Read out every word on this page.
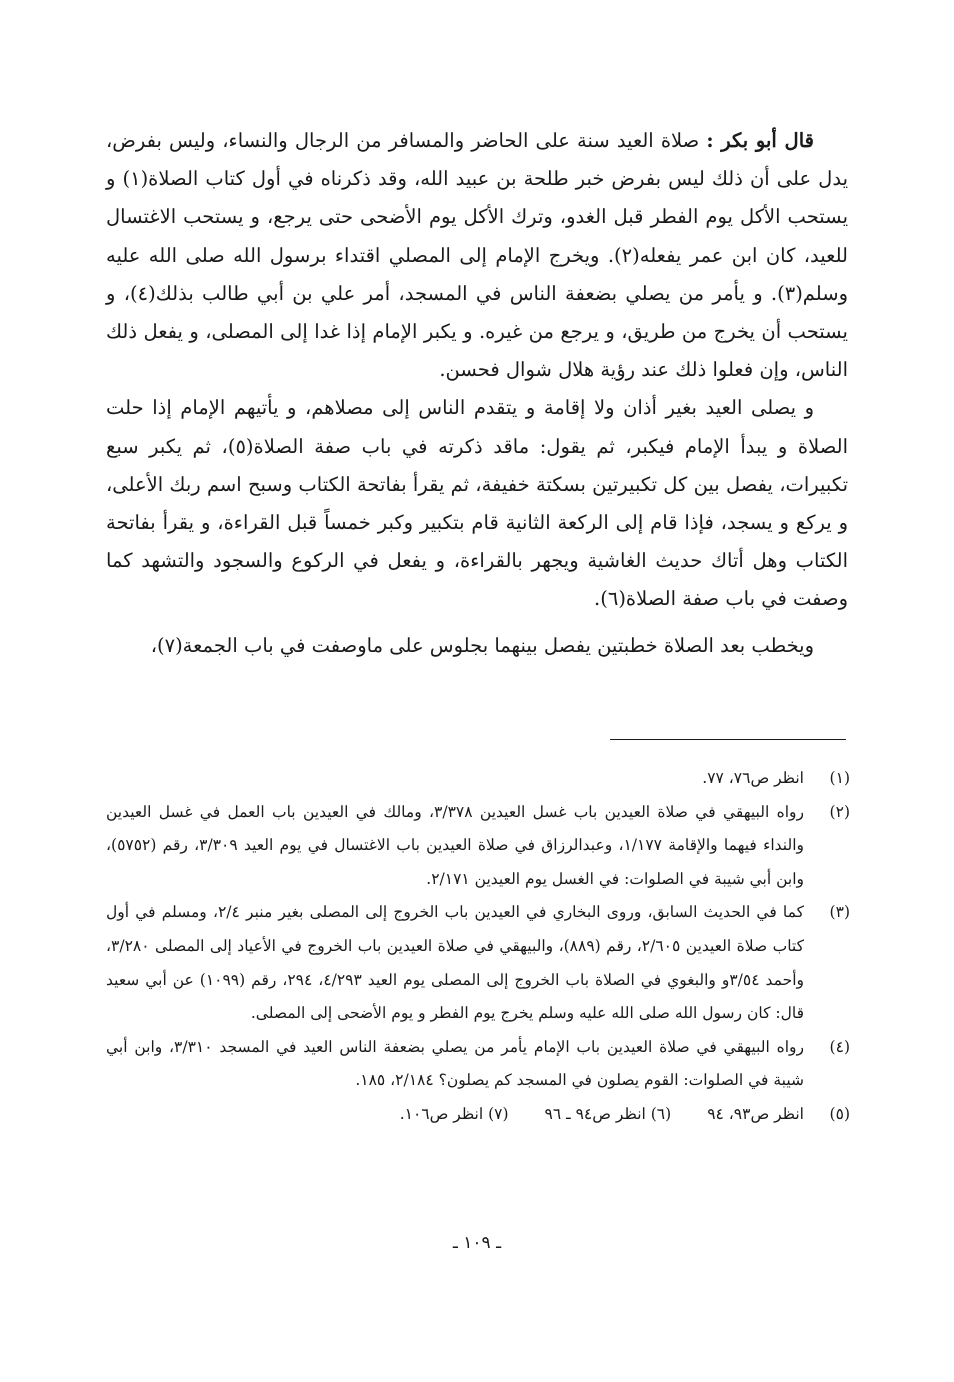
قال أبو بكر : صلاة العيد سنة على الحاضر والمسافر من الرجال والنساء، وليس بفرض، يدل على أن ذلك ليس بفرض خبر طلحة بن عبيد الله، وقد ذكرناه في أول كتاب الصلاة(١) و يستحب الأكل يوم الفطر قبل الغدو، وترك الأكل يوم الأضحى حتى يرجع، و يستحب الاغتسال للعيد، كان ابن عمر يفعله(٢). ويخرج الإمام إلى المصلي اقتداء برسول الله صلى الله عليه وسلم(٣). و يأمر من يصلي بضعفة الناس في المسجد، أمر علي بن أبي طالب بذلك(٤)، و يستحب أن يخرج من طريق، و يرجع من غيره. و يكبر الإمام إذا غدا إلى المصلى، و يفعل ذلك الناس، وإن فعلوا ذلك عند رؤية هلال شوال فحسن.

و يصلى العيد بغير أذان ولا إقامة و يتقدم الناس إلى مصلاهم، و يأتيهم الإمام إذا حلت الصلاة و يبدأ الإمام فيكبر، ثم يقول: ماقد ذكرته في باب صفة الصلاة(٥)، ثم يكبر سبع تكبيرات، يفصل بين كل تكبيرتين بسكتة خفيفة، ثم يقرأ بفاتحة الكتاب وسبح اسم ربك الأعلى، و يركع و يسجد، فإذا قام إلى الركعة الثانية قام بتكبير وكبر خمساً قبل القراءة، و يقرأ بفاتحة الكتاب وهل أتاك حديث الغاشية ويجهر بالقراءة، و يفعل في الركوع والسجود والتشهد كما وصفت في باب صفة الصلاة(٦).

ويخطب بعد الصلاة خطبتين يفصل بينهما بجلوس على ماوصفت في باب الجمعة(٧)،

(١)
انظر ص٧٦، ٧٧.
(٢)
رواه البيهقي في صلاة العيدين باب غسل العيدين ٣/٣٧٨، ومالك في العيدين باب العمل في غسل العيدين والنداء فيهما والإقامة ١/١٧٧، وعبدالرزاق في صلاة العيدين باب الاغتسال في يوم العيد ٣/٣٠٩، رقم (٥٧٥٢)، وابن أبي شيبة في الصلوات: في الغسل يوم العيدين ٢/١٧١.
(٣)
كما في الحديث السابق، وروى البخاري في العيدين باب الخروج إلى المصلى بغير منبر ٢/٤، ومسلم في أول كتاب صلاة العيدين ٢/٦٠٥، رقم (٨٨٩)، والبيهقي في صلاة العيدين باب الخروج في الأعياد إلى المصلى ٣/٢٨٠، وأحمد ٣/٥٤و والبغوي في الصلاة باب الخروج إلى المصلى يوم العيد ٤/٢٩٣، ٢٩٤، رقم (١٠٩٩) عن أبي سعيد قال: كان رسول الله صلى الله عليه وسلم يخرج يوم الفطر و يوم الأضحى إلى المصلى.
(٤)
رواه البيهقي في صلاة العيدين باب الإمام يأمر من يصلي بضعفة الناس العيد في المسجد ٣/٣١٠، وابن أبي شيبة في الصلوات: القوم يصلون في المسجد كم يصلون؟ ٢/١٨٤، ١٨٥.
(٥)
انظر ص٩٣، ٩٤
(٦) انظر ص٩٤ ـ ٩٦
(٧) انظر ص١٠٦.
ـ ١٠٩ ـ
